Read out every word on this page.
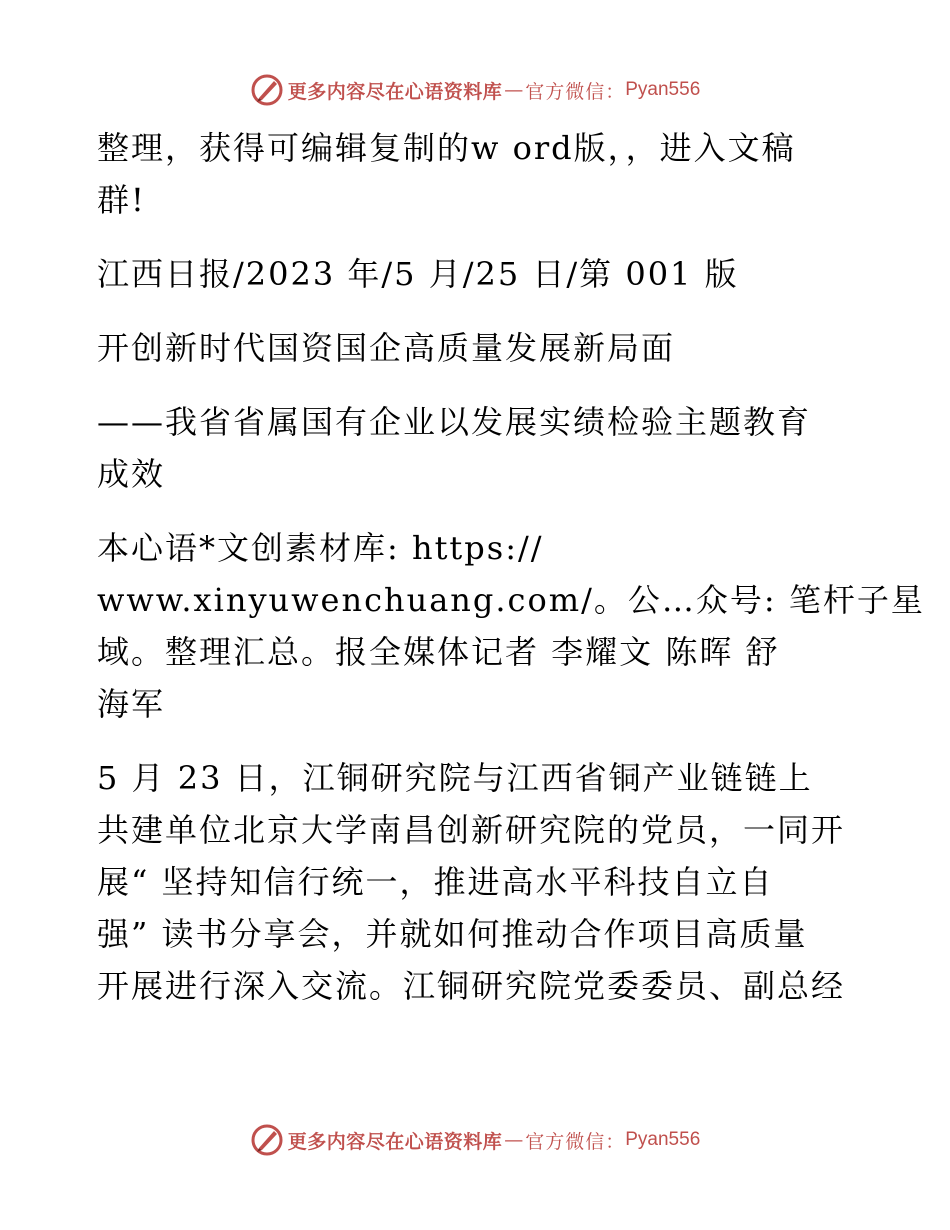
更多内容尽在心语资料库 — 官方微信： Pyan556
整理，获得可编辑复制的w ord版，，进入文稿
群!
江西日报/2023 年/5 月/25 日/第 001 版
开创新时代国资国企高质量发展新局面
——我省省属国有企业以发展实绩检验主题教育
成效
本心语*文创素材库: https://
www.xinyuwenchuang.com/。公…众号: 笔杆子星
域。整理汇总。报全媒体记者 李耀文 陈晖 舒
海军
5 月 23 日，江铜研究院与江西省铜产业链链上
共建单位北京大学南昌创新研究院的党员，一同开
展“ 坚持知信行统一，推进高水平科技自立自
强” 读书分享会，并就如何推动合作项目高质量
开展进行深入交流。江铜研究院党委委员、副总经
更多内容尽在心语资料库 — 官方微信： Pyan556
